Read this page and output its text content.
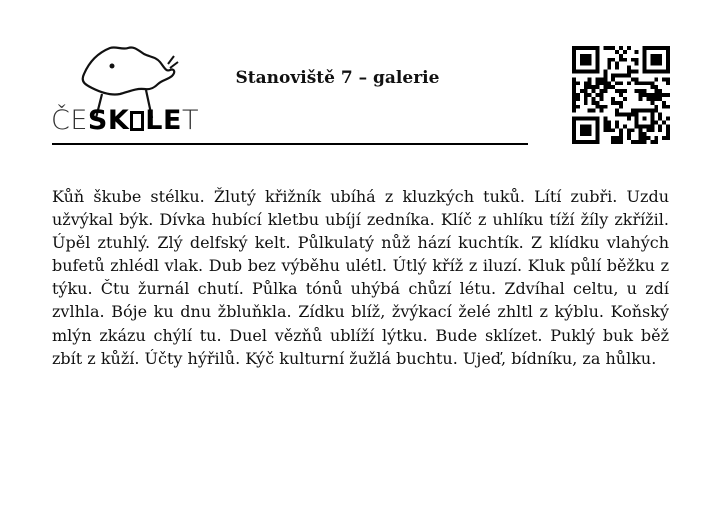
ČESK LET
Stanoviště 7 – galerie
Kůň škube stélku. Žlutý křižník ubíhá z kluzkých tuků. Lítí zubři. Uzdu užvýkal býk. Dívka hubící kletbu ubíjí zedníka. Klíč z uhlíku tíží žíly zkřížil. Úpěl ztuhlý. Zlý delfský kelt. Půlkulatý nůž hází kuchtík. Z klídku vlahých bufetů zhlédl vlak. Dub bez výběhu ulétl. Útlý kříž z iluzí. Kluk půlí běžku z týku. Čtu žurnál chutí. Půlka tónů uhýbá chůzí létu. Zdvíhal celtu, u zdí zvlhla. Bóje ku dnu žbluňkla. Zídku blíž, žvýkací želé zhltl z kýblu. Koňský mlýn zkázu chýlí tu. Duel vězňů ublíží lýtku. Bude sklízet. Puklý buk běž zbít z kůží. Účty hýřilů. Kýč kulturní žužlá buchtu. Ujeď, bídníku, za hůlku.
